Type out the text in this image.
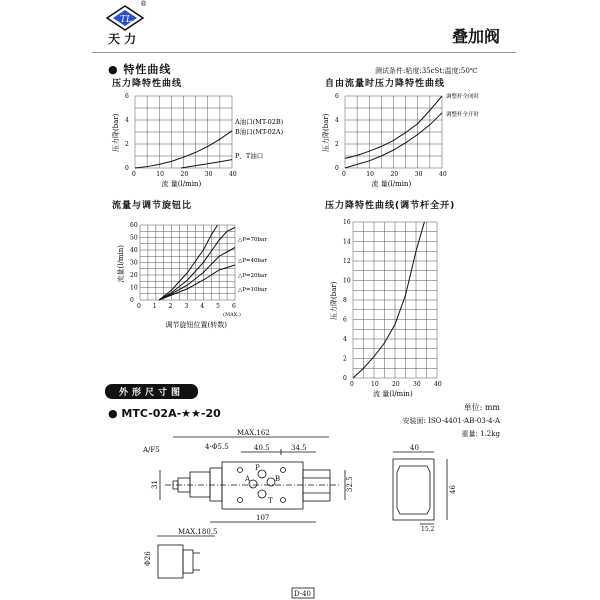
TL
®
天 力	叠加阀
● 特性曲线	测试条件:粘度:35cSt:温度:50℃
压力降特性曲线	自由流量时压力降特性曲线
流量与调节旋钮比	压力降特性曲线(调节杆全开)
0	10	20	30	40
0
2
4
6
流 量(l/min)
压力降(bar)	A油口(MT-02B)
B油口(MT-02A)
P、T油口
0	10	20	30	40
0
2
4
6
流 量(l/min)
压力降(bar)
调整杆全闭时
调整杆全开时
0 1 2 3 4 5 6
0
10
20
30
40
50
60
(MAX.)
调节旋钮位置(转数)
流量(l/min)
△P=70bar
△P=40bar
△P=20bar
△P=10bar
0	10 20 30 40
0
2
4
6
8
10
12
14
16
流 量(l/min)
压力降(bar)
外形尺寸图
● MTC-02A-★★-20	单位: mm
安装面: ISO-4401-AB-03-4-A
重量: 1.2kg
MAX.162
4-Φ5.5	40.5	34.5
A/F5
P
A	B
T
31	32.5
107
MAX.180.5
Φ26
40
46
15.2
D-40
